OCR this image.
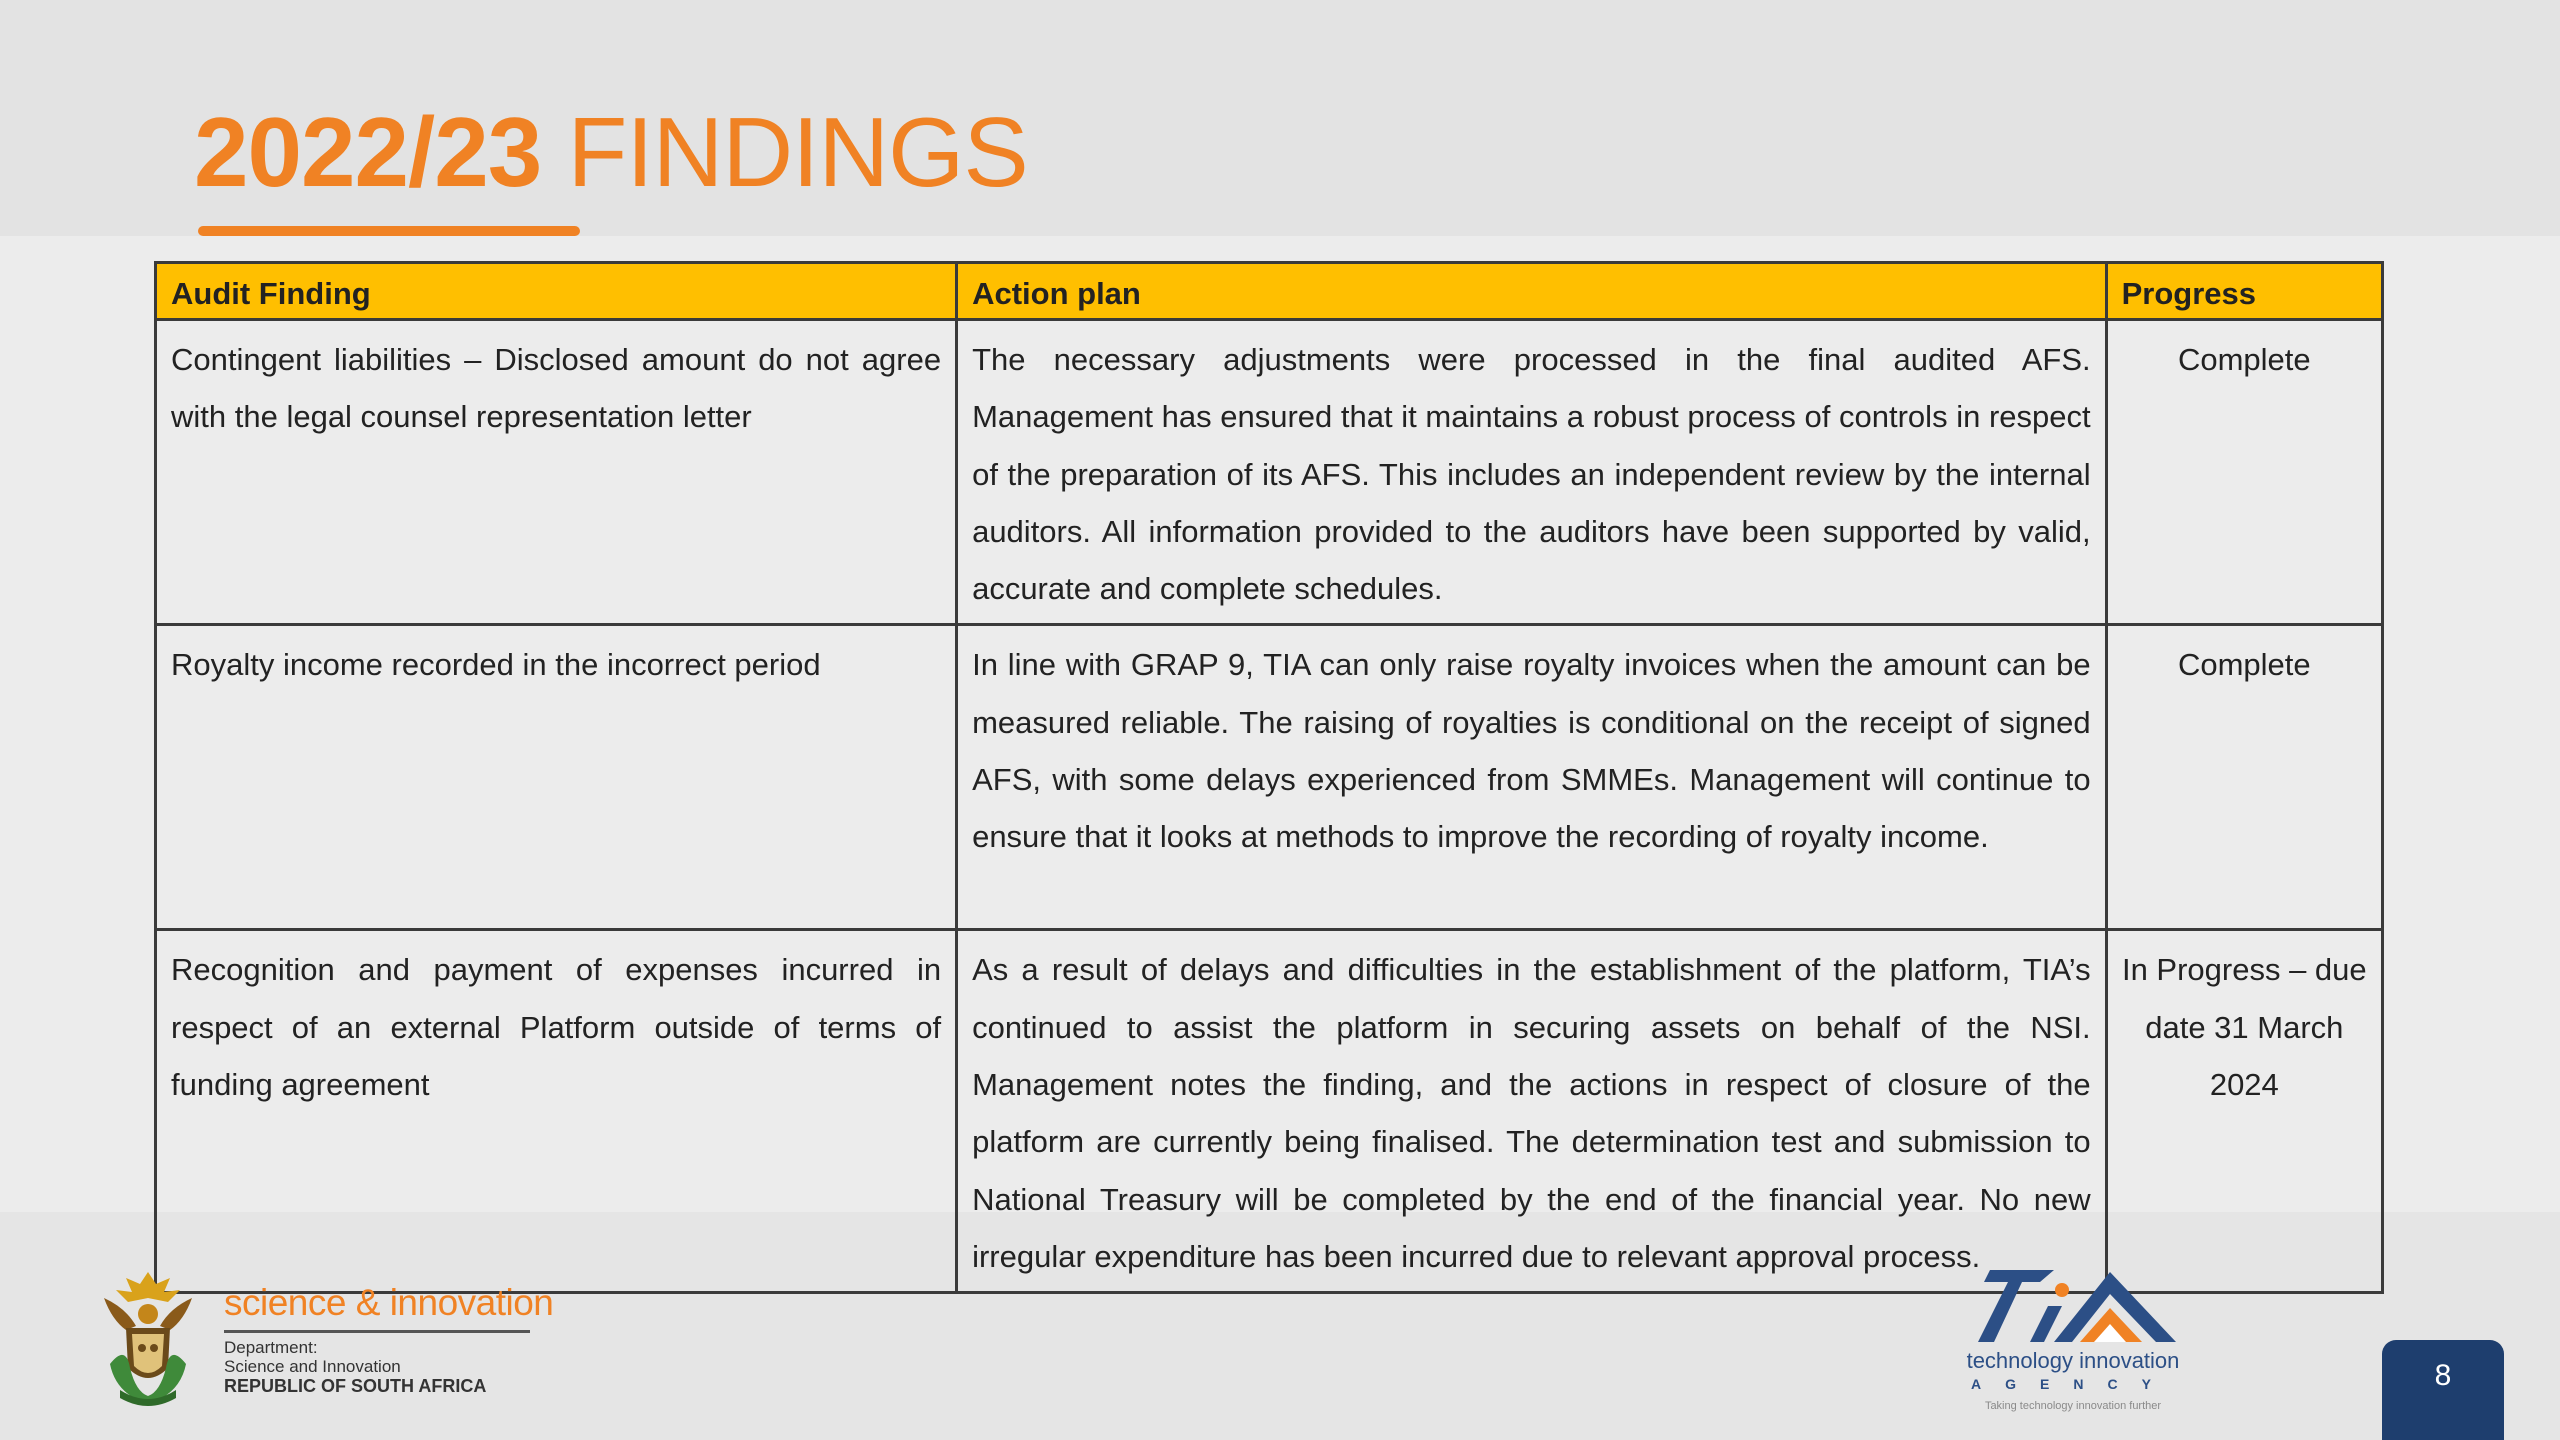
2022/23 FINDINGS
Audit Finding	Action plan	Progress
Contingent liabilities – Disclosed amount do not agree with the legal counsel representation letter	The necessary adjustments were processed in the final audited AFS. Management has ensured that it maintains a robust process of controls in respect of the preparation of its AFS. This includes an independent review by the internal auditors. All information provided to the auditors have been supported by valid, accurate and complete schedules.	Complete
Royalty income recorded in the incorrect period	In line with GRAP 9, TIA can only raise royalty invoices when the amount can be measured reliable. The raising of royalties is conditional on the receipt of signed AFS, with some delays experienced from SMMEs. Management will continue to ensure that it looks at methods to improve the recording of royalty income.	Complete
Recognition and payment of expenses incurred in respect of an external Platform outside of terms of funding agreement	As a result of delays and difficulties in the establishment of the platform, TIA’s continued to assist the platform in securing assets on behalf of the NSI. Management notes the finding, and the actions in respect of closure of the platform are currently being finalised. The determination test and submission to National Treasury will be completed by the end of the financial year. No new irregular expenditure has been incurred due to relevant approval process.	In Progress – due date 31 March 2024
science & innovation
Department:
Science and Innovation
REPUBLIC OF SOUTH AFRICA
technology innovation
AGENCY
Taking technology innovation further
8
